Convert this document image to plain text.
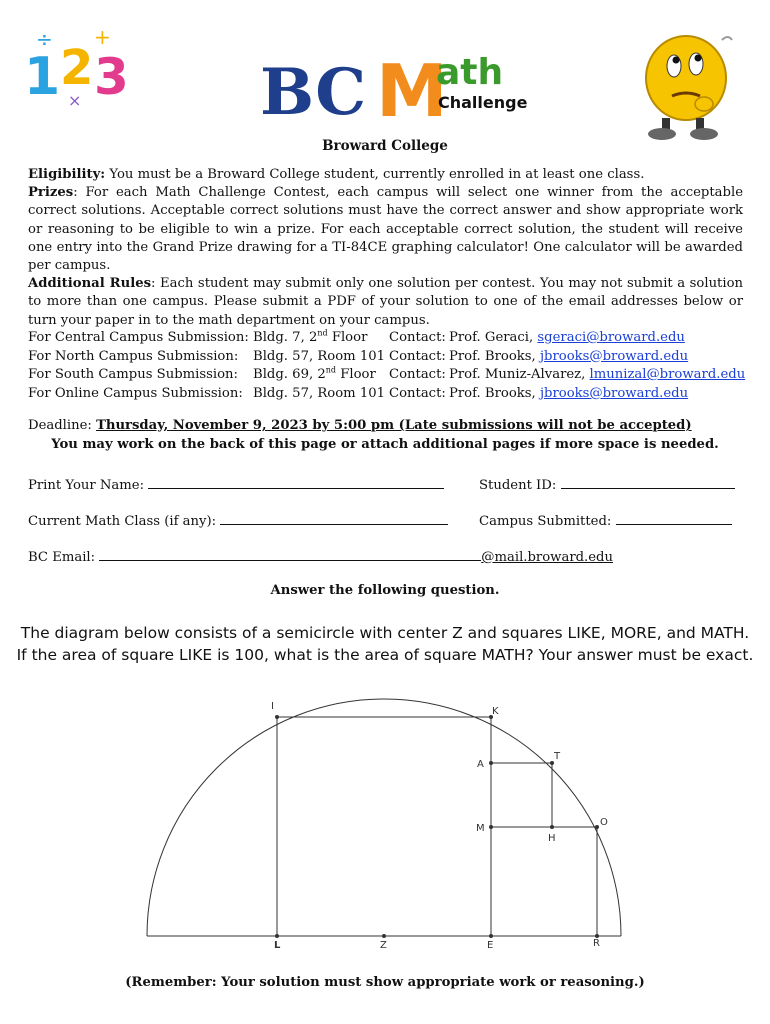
1 2 3
÷ +
×	BC M
ath
Challenge
Broward College
Eligibility: You must be a Broward College student, currently enrolled in at least one class.
Prizes: For each Math Challenge Contest, each campus will select one winner from the acceptable correct solutions. Acceptable correct solutions must have the correct answer and show appropriate work or reasoning to be eligible to win a prize. For each acceptable correct solution, the student will receive one entry into the Grand Prize drawing for a TI-84CE graphing calculator! One calculator will be awarded per campus.
Additional Rules: Each student may submit only one solution per contest. You may not submit a solution to more than one campus. Please submit a PDF of your solution to one of the email addresses below or turn your paper in to the math department on your campus.
For Central Campus Submission: Bldg. 7, 2nd Floor	Contact: Prof. Geraci, sgeraci@broward.edu
For North Campus Submission:	Bldg. 57, Room 101 Contact: Prof. Brooks, jbrooks@broward.edu
For South Campus Submission:	Bldg. 69, 2nd Floor	Contact: Prof. Muniz-Alvarez, lmunizal@broward.edu
For Online Campus Submission: Bldg. 57, Room 101 Contact: Prof. Brooks, jbrooks@broward.edu
Deadline: Thursday, November 9, 2023 by 5:00 pm (Late submissions will not be accepted)
You may work on the back of this page or attach additional pages if more space is needed.
Print Your Name:	Student ID:
Current Math Class (if any):	Campus Submitted:
BC Email:	@mail.broward.edu
Answer the following question.
The diagram below consists of a semicircle with center Z and squares LIKE, MORE, and MATH.
If the area of square LIKE is 100, what is the area of square MATH? Your answer must be exact.
I	K
A
T
M
O
H
L	Z	E	R
(Remember: Your solution must show appropriate work or reasoning.)
